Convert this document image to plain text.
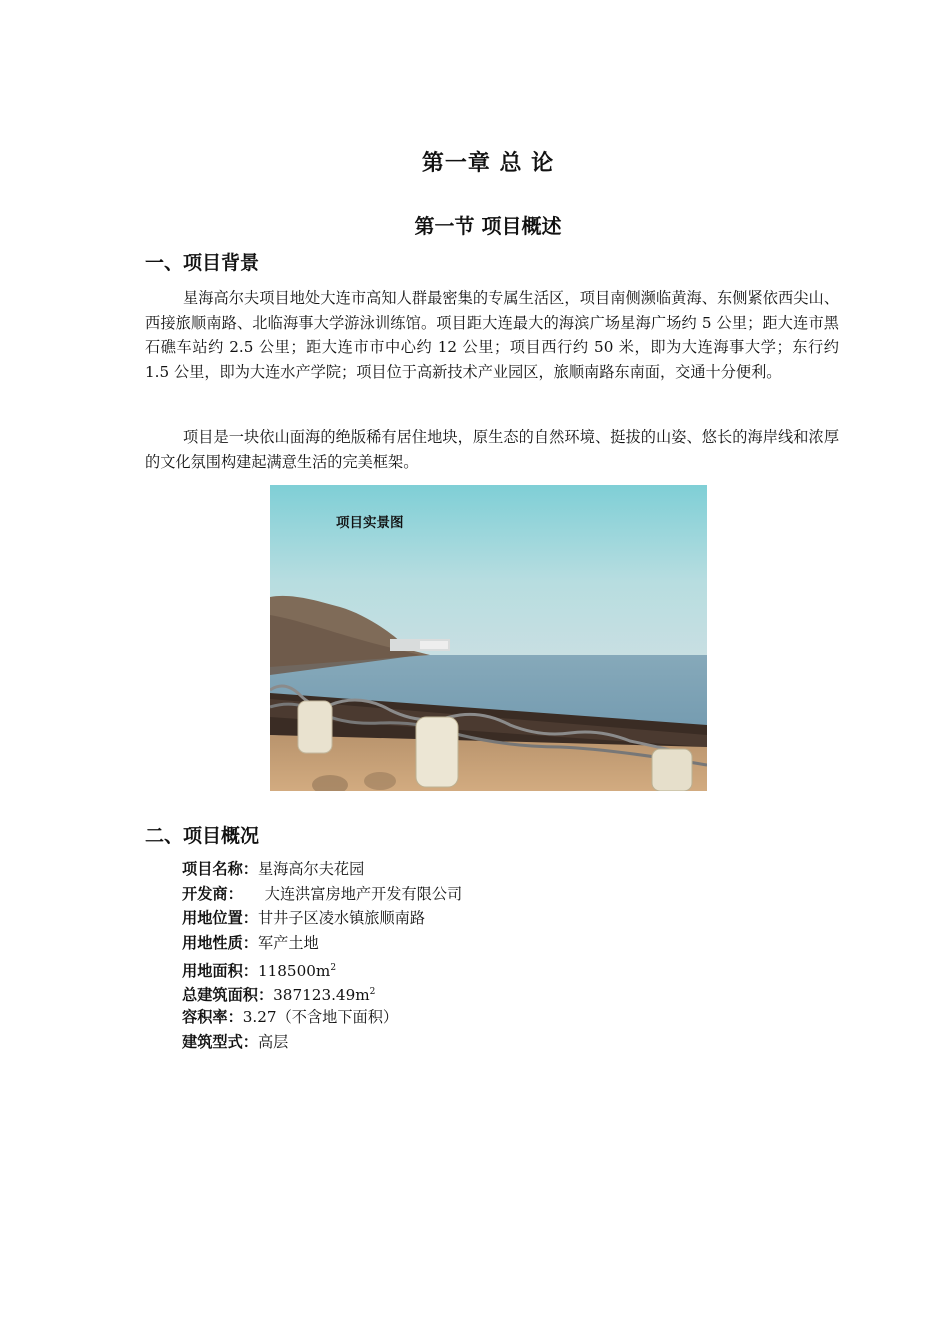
第一章 总 论
第一节 项目概述
一、项目背景

星海高尔夫项目地处大连市高知人群最密集的专属生活区，项目南侧濒临黄海、东侧紧依西尖山、西接旅顺南路、北临海事大学游泳训练馆。项目距大连最大的海滨广场星海广场约 5 公里；距大连市黑石礁车站约 2.5 公里；距大连市市中心约 12 公里；项目西行约 50 米，即为大连海事大学；东行约 1.5 公里，即为大连水产学院；项目位于高新技术产业园区，旅顺南路东南面，交通十分便利。

项目是一块依山面海的绝版稀有居住地块，原生态的自然环境、挺拔的山姿、悠长的海岸线和浓厚的文化氛围构建起满意生活的完美框架。

项目实景图
二、项目概况
项目名称：星海高尔夫花园
开发商： 大连洪富房地产开发有限公司
用地位置：甘井子区凌水镇旅顺南路
用地性质：军产土地
用地面积：$118500m^2$
总建筑面积：$387123.49m^2$
容积率：3.27（不含地下面积）
建筑型式：高层
